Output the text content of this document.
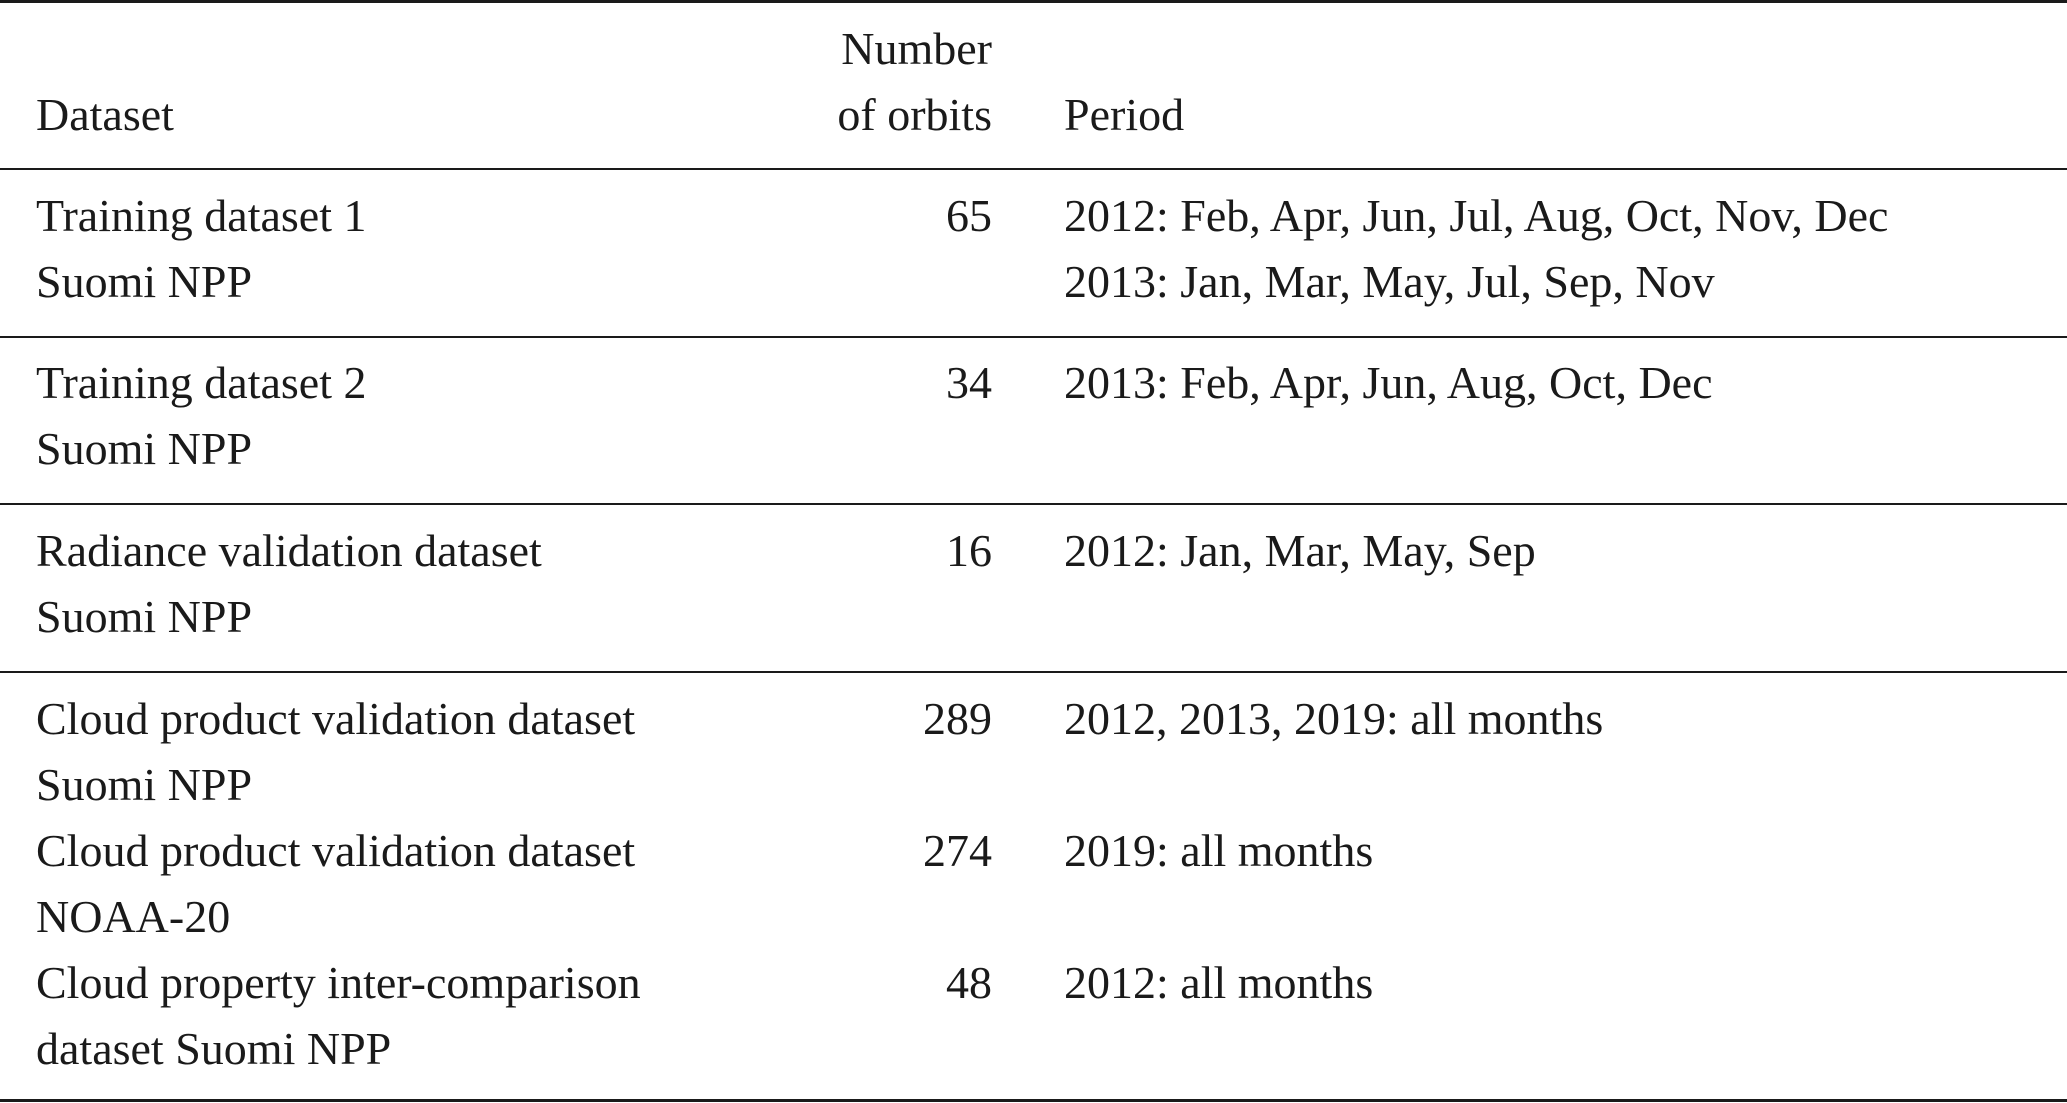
Dataset
Number
of orbits Period
Training dataset 1
Suomi NPP
65 2012: Feb, Apr, Jun, Jul, Aug, Oct, Nov, Dec
2013: Jan, Mar, May, Jul, Sep, Nov
Training dataset 2
Suomi NPP
34 2013: Feb, Apr, Jun, Aug, Oct, Dec
Radiance validation dataset
Suomi NPP
16 2012: Jan, Mar, May, Sep
Cloud product validation dataset
Suomi NPP
289 2012, 2013, 2019: all months
Cloud product validation dataset
NOAA-20
274 2019: all months
Cloud property inter-comparison
dataset Suomi NPP
48 2012: all months
